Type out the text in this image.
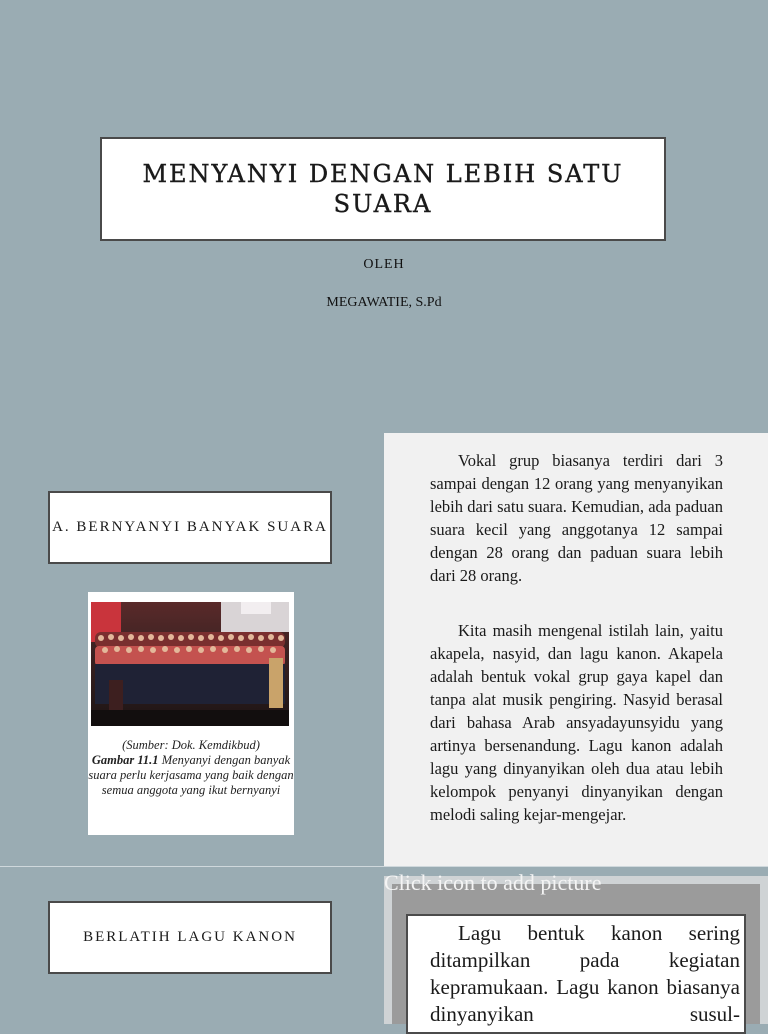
MENYANYI DENGAN LEBIH SATU SUARA
OLEH
MEGAWATIE, S.Pd
A. BERNYANYI BANYAK SUARA
(Sumber: Dok. Kemdikbud)
Gambar 11.1 Menyanyi dengan banyak suara perlu kerjasama yang baik dengan semua anggota yang ikut bernyanyi

Vokal grup biasanya terdiri dari 3 sampai dengan 12 orang yang menyanyikan lebih dari satu suara. Kemudian, ada paduan suara kecil yang anggotanya 12 sampai dengan 28 orang dan paduan suara lebih dari 28 orang.

Kita masih mengenal istilah lain, yaitu akapela, nasyid, dan lagu kanon. Akapela adalah bentuk vokal grup gaya kapel dan tanpa alat musik pengiring. Nasyid berasal dari bahasa Arab ansyadayunsyidu yang artinya bersenandung. Lagu kanon adalah lagu yang dinyanyikan oleh dua atau lebih kelompok penyanyi dinyanyikan dengan melodi saling kejar-mengejar.

BERLATIH LAGU KANON	Lagu bentuk kanon sering ditampilkan pada kegiatan kepramukaan. Lagu kanon biasanya dinyanyikan susul-

Click icon to add picture
